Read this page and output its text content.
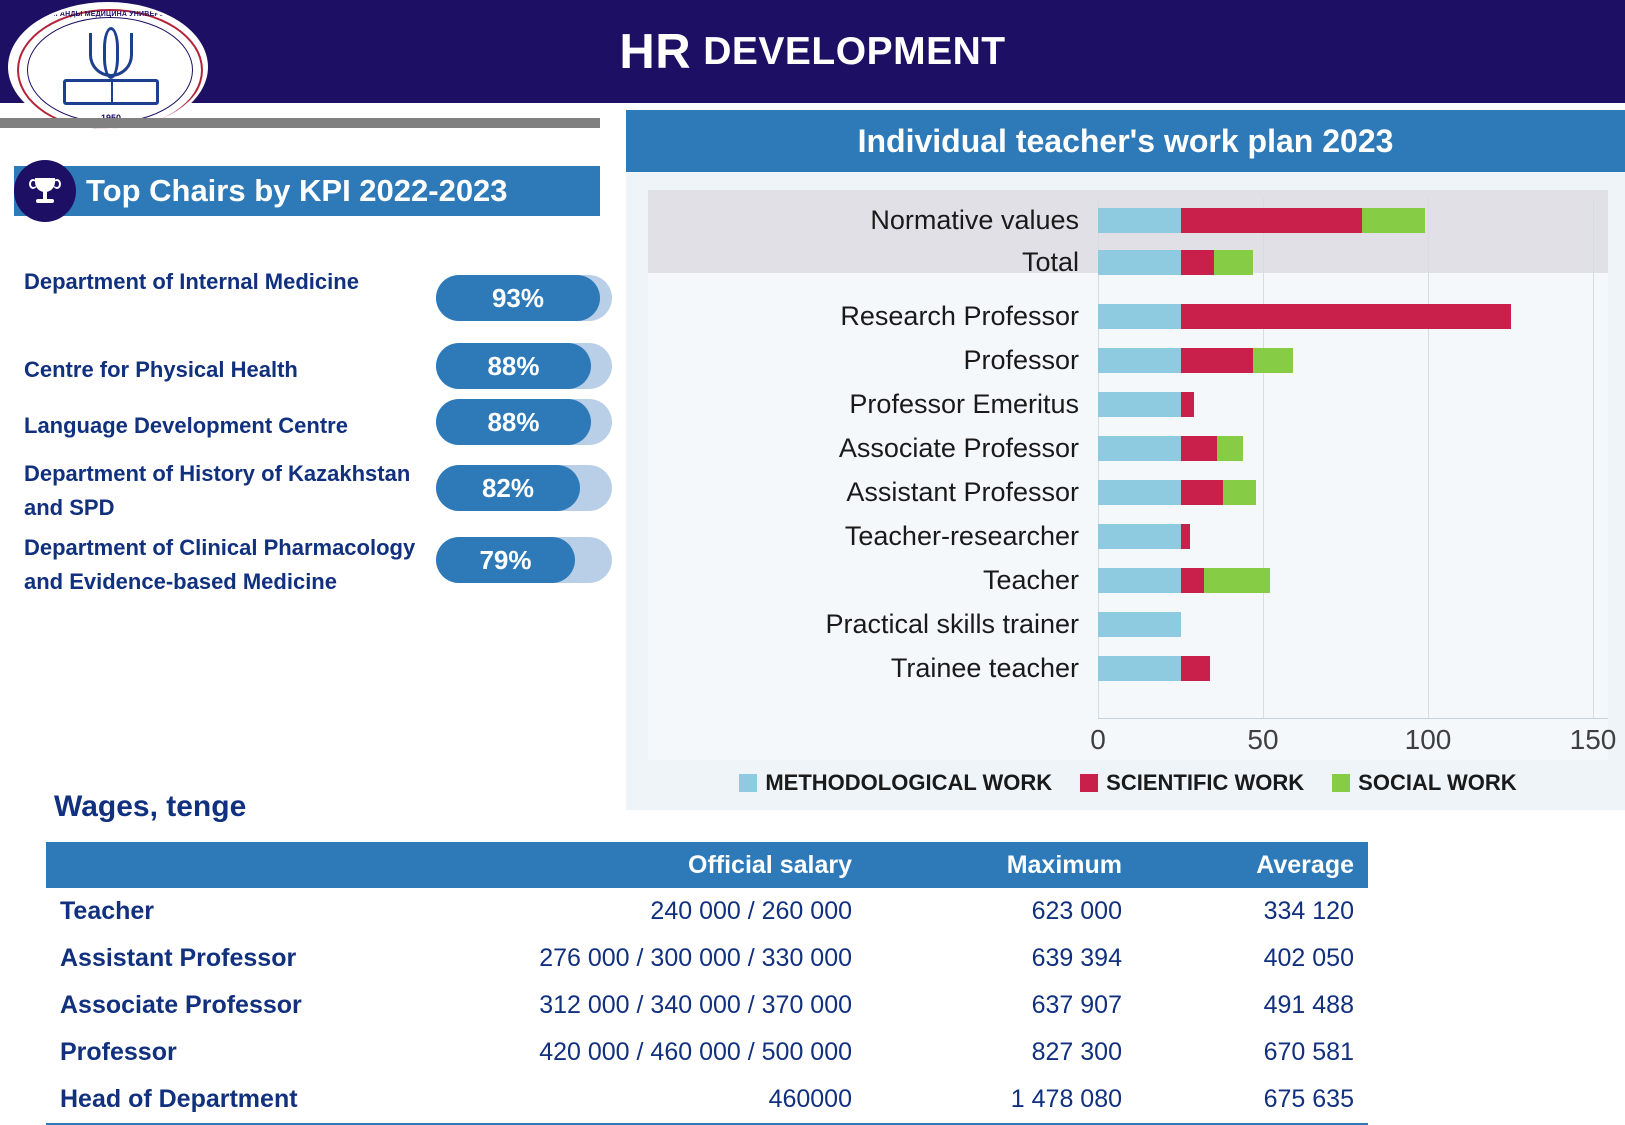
HR DEVELOPMENT
ҚАРАҒАНДЫ МЕДИЦИНА УНИВЕРСИТЕТІ
Top Chairs by KPI 2022-2023
Department of Internal Medicine
93%
Centre for Physical Health	88%
Language Development Centre	88%
Department of History of Kazakhstan and SPD
82%
Department of Clinical Pharmacology and Evidence-based Medicine
79%
Wages, tenge
	Official salary	Maximum	Average
Teacher	240 000 / 260 000	623 000	334 120
Assistant Professor	276 000 / 300 000 / 330 000	639 394	402 050
Associate Professor	312 000 / 340 000 / 370 000	637 907	491 488
Professor	420 000 / 460 000 / 500 000	827 300	670 581
Head of Department	460000	1 478 080	675 635
Individual teacher's work plan 2023
Normative values
Total
Research Professor
Professor
Professor Emeritus
Associate Professor
Assistant Professor
Teacher-researcher
Teacher
Practical skills trainer
Trainee teacher
0	50	100	150
METHODOLOGICAL WORK SCIENTIFIC WORK SOCIAL WORK
